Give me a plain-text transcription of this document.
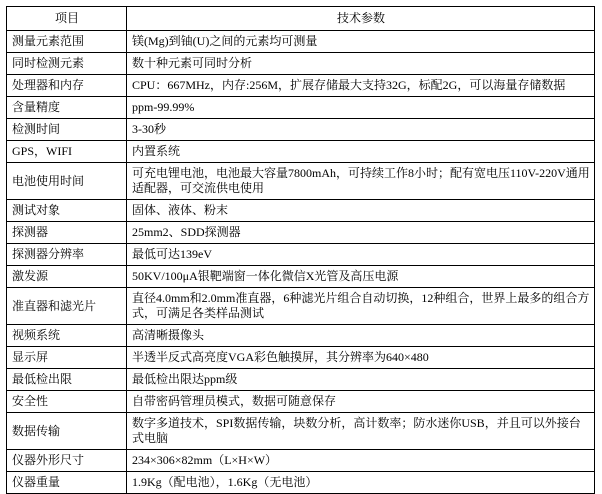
项目	技术参数
测量元素范围	镁(Mg)到铀(U)之间的元素均可测量
同时检测元素	数十种元素可同时分析
处理器和内存	CPU：667MHz，内存:256M，扩展存储最大支持32G，标配2G，可以海量存储数据
含量精度	ppm-99.99%
检测时间	3-30秒
GPS，WIFI	内置系统
电池使用时间	可充电锂电池，电池最大容量7800mAh，可持续工作8小时；配有宽电压110V-220V通用适配器，可交流供电使用
测试对象	固体、液体、粉末
探测器	25mm2、SDD探测器
探测器分辨率	最低可达139eV
激发源	50KV/100μA银靶端窗一体化微信X光管及高压电源
准直器和滤光片	直径4.0mm和2.0mm准直器，6种滤光片组合自动切换，12种组合，世界上最多的组合方式，可满足各类样品测试
视频系统	高清晰摄像头
显示屏	半透半反式高亮度VGA彩色触摸屏，其分辨率为640×480
最低检出限	最低检出限达ppm级
安全性	自带密码管理员模式，数据可随意保存
数据传输	数字多道技术，SPI数据传输，块数分析，高计数率；防水迷你USB，并且可以外接台式电脑
仪器外形尺寸	234×306×82mm（L×H×W）
仪器重量	1.9Kg（配电池），1.6Kg（无电池）
